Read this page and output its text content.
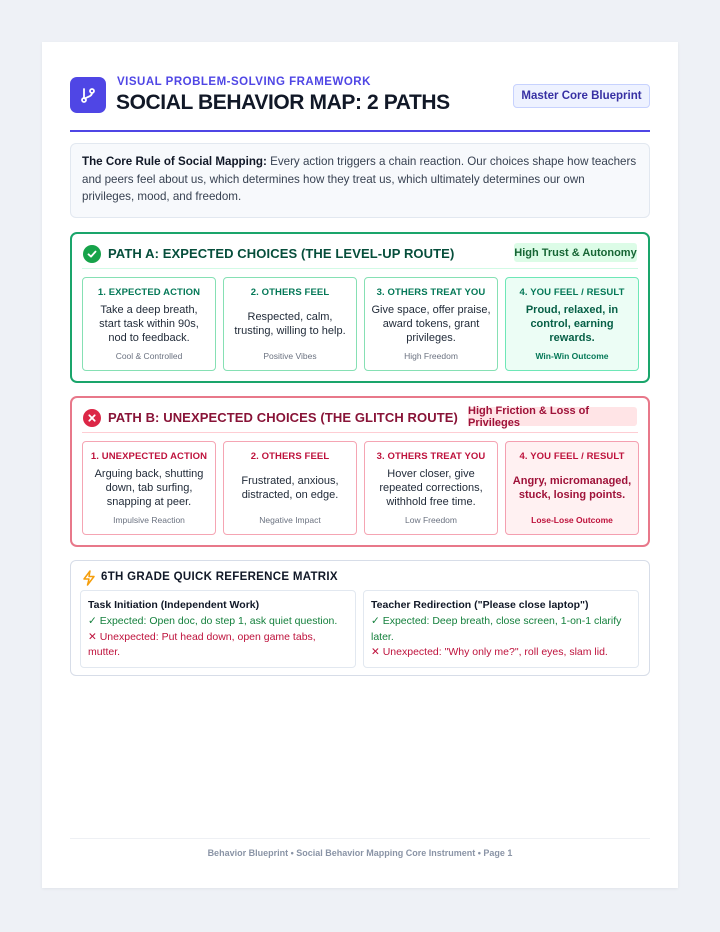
VISUAL PROBLEM-SOLVING FRAMEWORK
SOCIAL BEHAVIOR MAP: 2 PATHS	Master Core Blueprint
The Core Rule of Social Mapping: Every action triggers a chain reaction. Our choices shape how teachers and peers feel about us, which determines how they treat us, which ultimately determines our own privileges, mood, and freedom.
PATH A: EXPECTED CHOICES (THE LEVEL-UP ROUTE)	High Trust & Autonomy
1. EXPECTED ACTION
Take a deep breath, start task within 90s, nod to feedback.
Cool & Controlled
2. OTHERS FEEL
Respected, calm, trusting, willing to help.
Positive Vibes
3. OTHERS TREAT YOU
Give space, offer praise, award tokens, grant privileges.
High Freedom
4. YOU FEEL / RESULT
Proud, relaxed, in control, earning rewards.
Win-Win Outcome
PATH B: UNEXPECTED CHOICES (THE GLITCH ROUTE) High Friction & Loss of Privileges
1. UNEXPECTED ACTION
Arguing back, shutting down, tab surfing, snapping at peer.
Impulsive Reaction
2. OTHERS FEEL
Frustrated, anxious, distracted, on edge.
Negative Impact
3. OTHERS TREAT YOU
Hover closer, give repeated corrections, withhold free time.
Low Freedom
4. YOU FEEL / RESULT
Angry, micromanaged, stuck, losing points.
Lose-Lose Outcome
6TH GRADE QUICK REFERENCE MATRIX
Task Initiation (Independent Work)
✓ Expected: Open doc, do step 1, ask quiet question.
✕ Unexpected: Put head down, open game tabs, mutter.
Teacher Redirection ("Please close laptop")
✓ Expected: Deep breath, close screen, 1-on-1 clarify later.
✕ Unexpected: "Why only me?", roll eyes, slam lid.
Behavior Blueprint • Social Behavior Mapping Core Instrument • Page 1
